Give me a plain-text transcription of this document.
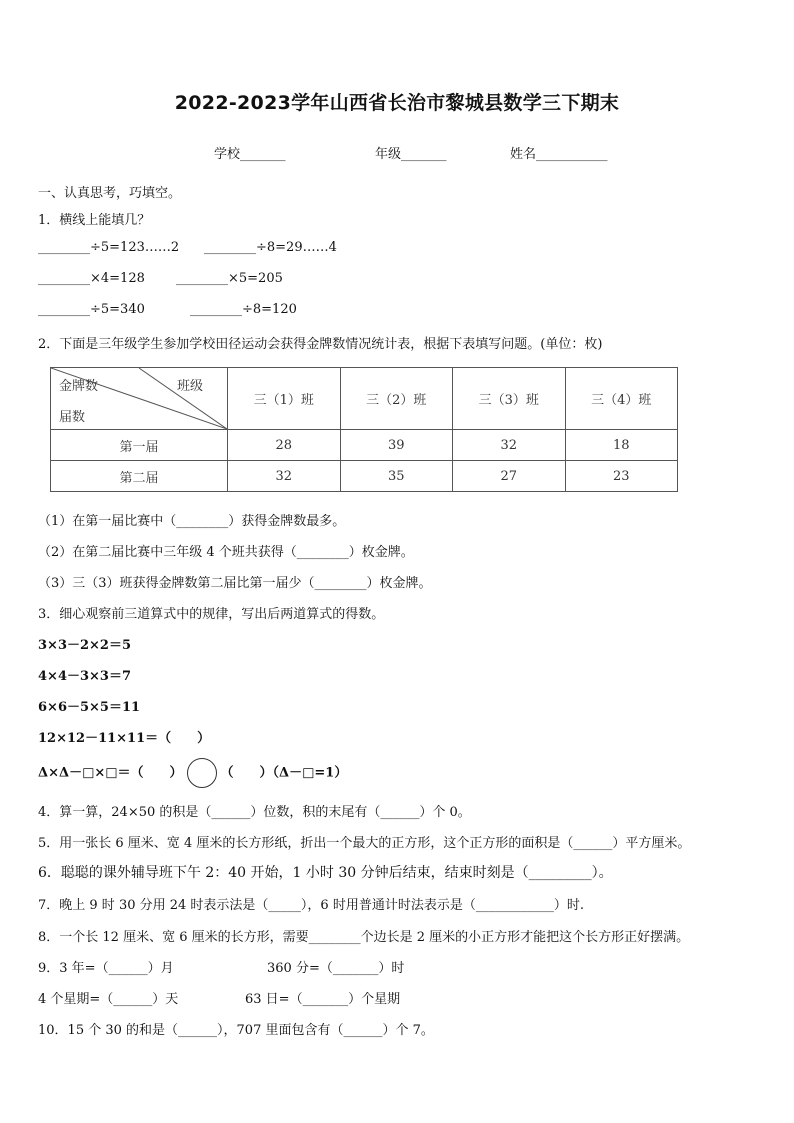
2022-2023学年山西省长治市黎城县数学三下期末
学校_______	年级_______	姓名___________
一、认真思考，巧填空。
1．横线上能填几？
________÷5=123……2 ________÷8=29……4
________×4=128 ________×5=205
________÷5=340	________÷8=120
2．下面是三年级学生参加学校田径运动会获得金牌数情况统计表，根据下表填写问题。(单位：枚)
金牌数 班级
届数	三（1）班	三（2）班	三（3）班	三（4）班
第一届	28	39	32	18
第二届	32	35	27	23
（1）在第一届比赛中（________）获得金牌数最多。
（2）在第二届比赛中三年级 4 个班共获得（________）枚金牌。
（3）三（3）班获得金牌数第二届比第一届少（________）枚金牌。
3．细心观察前三道算式中的规律，写出后两道算式的得数。
3×3－2×2＝5
4×4－3×3＝7
6×6－5×5＝11
12×12－11×11＝（　　）
Δ×Δ－□×□＝（　　）	（　　）（Δ－□=1）
4．算一算，24×50 的积是（______）位数，积的末尾有（______）个 0。
5．用一张长 6 厘米、宽 4 厘米的长方形纸，折出一个最大的正方形，这个正方形的面积是（______）平方厘米。
6．聪聪的课外辅导班下午 2：40 开始，1 小时 30 分钟后结束，结束时刻是（_________）。
7．晚上 9 时 30 分用 24 时表示法是（_____），6 时用普通计时法表示是（____________）时.
8．一个长 12 厘米、宽 6 厘米的长方形，需要________个边长是 2 厘米的小正方形才能把这个长方形正好摆满。
9．3 年=（______）月	360 分=（_______）时
4 个星期=（______）天	63 日=（_______）个星期
10．15 个 30 的和是（______），707 里面包含有（______）个 7。
